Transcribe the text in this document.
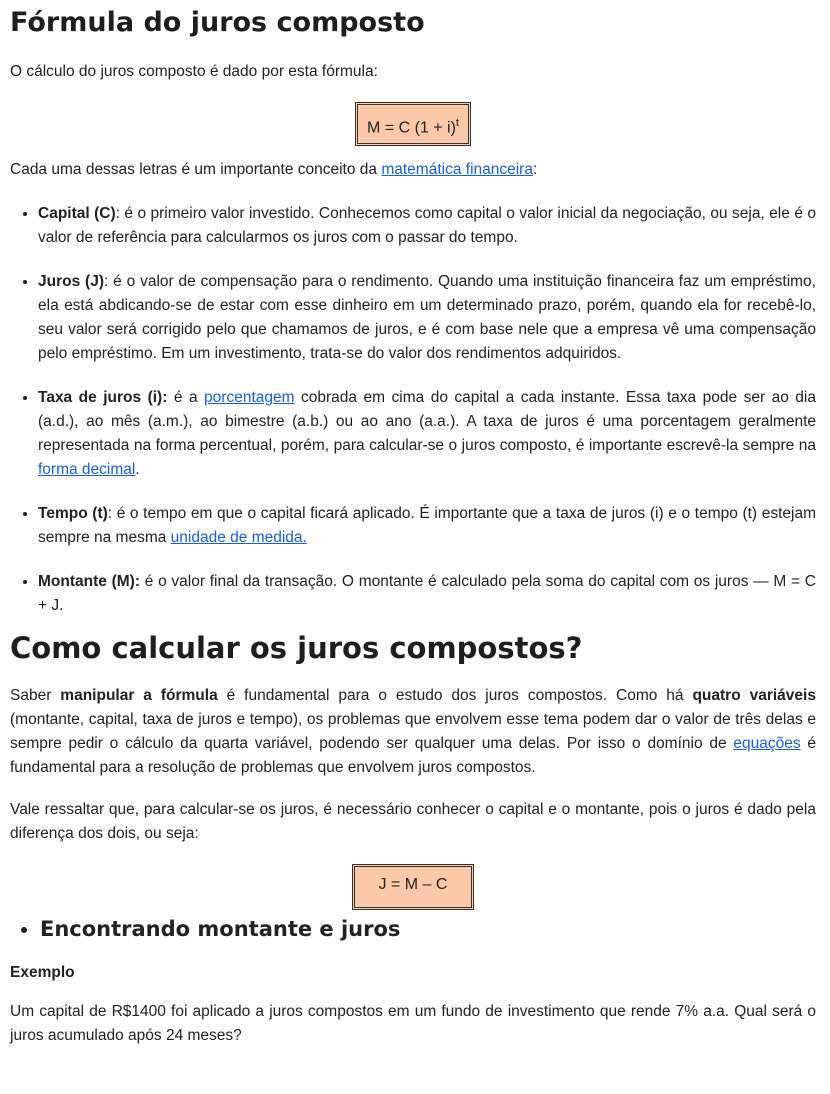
Fórmula do juros composto

O cálculo do juros composto é dado por esta fórmula:

M = C $(1 + i)^t$

Cada uma dessas letras é um importante conceito da matemática financeira:

• Capital (C): é o primeiro valor investido. Conhecemos como capital o valor inicial da negociação, ou seja, ele é o valor de referência para calcularmos os juros com o passar do tempo.
• Juros (J): é o valor de compensação para o rendimento. Quando uma instituição financeira faz um empréstimo, ela está abdicando-se de estar com esse dinheiro em um determinado prazo, porém, quando ela for recebê-lo, seu valor será corrigido pelo que chamamos de juros, e é com base nele que a empresa vê uma compensação pelo empréstimo. Em um investimento, trata-se do valor dos rendimentos adquiridos.
• Taxa de juros (i): é a porcentagem cobrada em cima do capital a cada instante. Essa taxa pode ser ao dia (a.d.), ao mês (a.m.), ao bimestre (a.b.) ou ao ano (a.a.). A taxa de juros é uma porcentagem geralmente representada na forma percentual, porém, para calcular-se o juros composto, é importante escrevê-la sempre na forma decimal.
• Tempo (t): é o tempo em que o capital ficará aplicado. É importante que a taxa de juros (i) e o tempo (t) estejam sempre na mesma unidade de medida.
• Montante (M): é o valor final da transação. O montante é calculado pela soma do capital com os juros — M = C + J.
Como calcular os juros compostos?

Saber manipular a fórmula é fundamental para o estudo dos juros compostos. Como há quatro variáveis (montante, capital, taxa de juros e tempo), os problemas que envolvem esse tema podem dar o valor de três delas e sempre pedir o cálculo da quarta variável, podendo ser qualquer uma delas. Por isso o domínio de equações é fundamental para a resolução de problemas que envolvem juros compostos.

Vale ressaltar que, para calcular-se os juros, é necessário conhecer o capital e o montante, pois o juros é dado pela diferença dos dois, ou seja:

J = M – C
• Encontrando montante e juros
Exemplo

Um capital de R$1400 foi aplicado a juros compostos em um fundo de investimento que rende 7% a.a. Qual será o juros acumulado após 24 meses?
